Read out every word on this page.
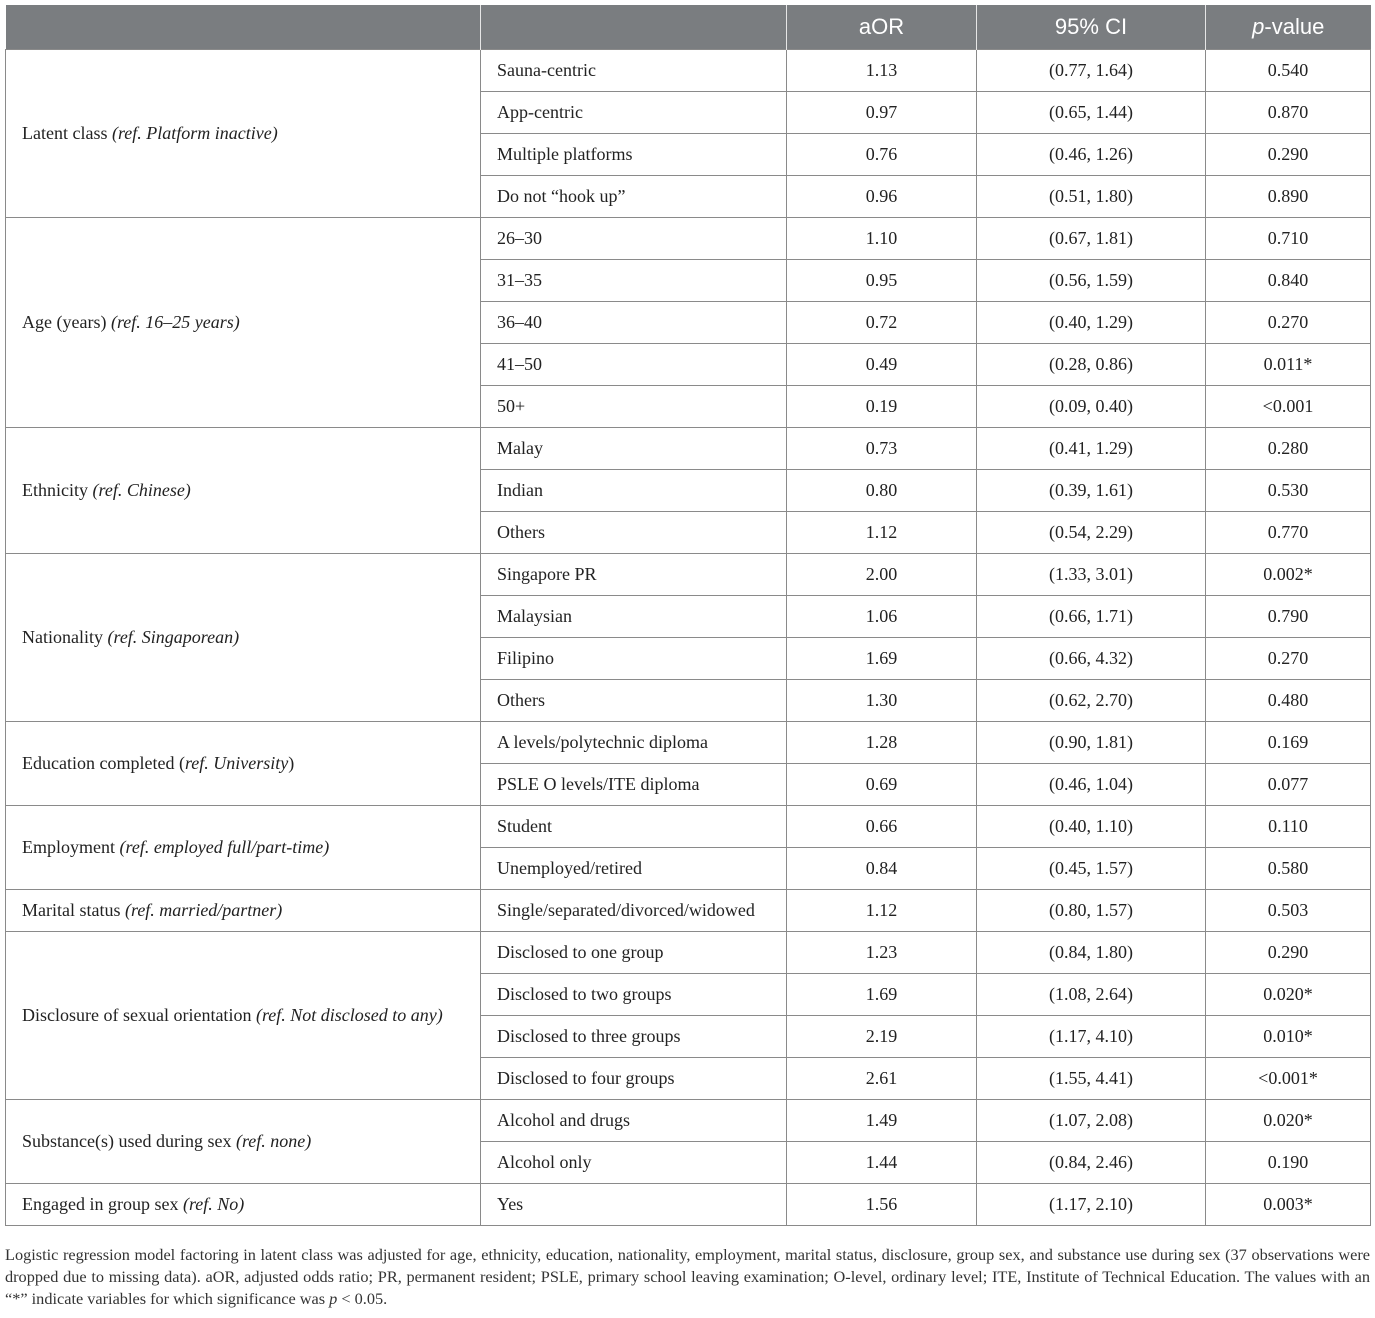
		aOR	95% CI	p-value
Latent class (ref. Platform inactive)	Sauna-centric	1.13	(0.77, 1.64)	0.540
	App-centric	0.97	(0.65, 1.44)	0.870
	Multiple platforms	0.76	(0.46, 1.26)	0.290
	Do not “hook up”	0.96	(0.51, 1.80)	0.890
Age (years) (ref. 16–25 years)	26–30	1.10	(0.67, 1.81)	0.710
	31–35	0.95	(0.56, 1.59)	0.840
	36–40	0.72	(0.40, 1.29)	0.270
	41–50	0.49	(0.28, 0.86)	0.011*
	50+	0.19	(0.09, 0.40)	<0.001
Ethnicity (ref. Chinese)	Malay	0.73	(0.41, 1.29)	0.280
	Indian	0.80	(0.39, 1.61)	0.530
	Others	1.12	(0.54, 2.29)	0.770
Nationality (ref. Singaporean)	Singapore PR	2.00	(1.33, 3.01)	0.002*
	Malaysian	1.06	(0.66, 1.71)	0.790
	Filipino	1.69	(0.66, 4.32)	0.270
	Others	1.30	(0.62, 2.70)	0.480
Education completed (ref. University)	A levels/polytechnic diploma	1.28	(0.90, 1.81)	0.169
	PSLE O levels/ITE diploma	0.69	(0.46, 1.04)	0.077
Employment (ref. employed full/part-time)	Student	0.66	(0.40, 1.10)	0.110
	Unemployed/retired	0.84	(0.45, 1.57)	0.580
Marital status (ref. married/partner)	Single/separated/divorced/widowed	1.12	(0.80, 1.57)	0.503
Disclosure of sexual orientation (ref. Not disclosed to any)	Disclosed to one group	1.23	(0.84, 1.80)	0.290
	Disclosed to two groups	1.69	(1.08, 2.64)	0.020*
	Disclosed to three groups	2.19	(1.17, 4.10)	0.010*
	Disclosed to four groups	2.61	(1.55, 4.41)	<0.001*
Substance(s) used during sex (ref. none)	Alcohol and drugs	1.49	(1.07, 2.08)	0.020*
	Alcohol only	1.44	(0.84, 2.46)	0.190
Engaged in group sex (ref. No)	Yes	1.56	(1.17, 2.10)	0.003*
Logistic regression model factoring in latent class was adjusted for age, ethnicity, education, nationality, employment, marital status, disclosure, group sex, and substance use during sex (37 observations were dropped due to missing data). aOR, adjusted odds ratio; PR, permanent resident; PSLE, primary school leaving examination; O-level, ordinary level; ITE, Institute of Technical Education. The values with an “*” indicate variables for which significance was p < 0.05.
